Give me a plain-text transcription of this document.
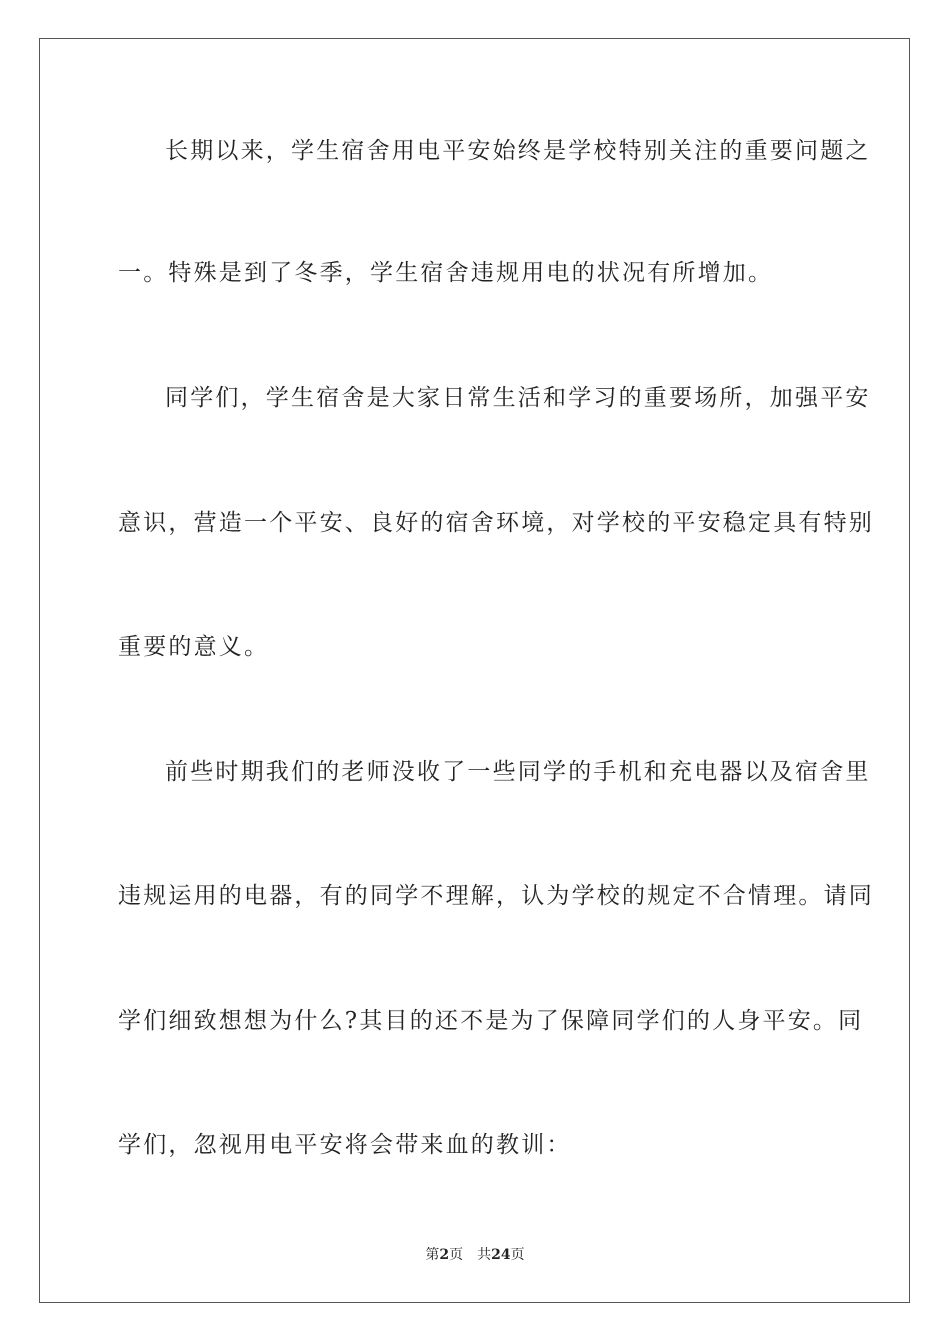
长期以来，学生宿舍用电平安始终是学校特别关注的重要问题之
一。特殊是到了冬季，学生宿舍违规用电的状况有所增加。
同学们，学生宿舍是大家日常生活和学习的重要场所，加强平安
意识，营造一个平安、良好的宿舍环境，对学校的平安稳定具有特别
重要的意义。
前些时期我们的老师没收了一些同学的手机和充电器以及宿舍里
违规运用的电器，有的同学不理解，认为学校的规定不合情理。请同
学们细致想想为什么?其目的还不是为了保障同学们的人身平安。同
学们，忽视用电平安将会带来血的教训：
第2页 共24页
